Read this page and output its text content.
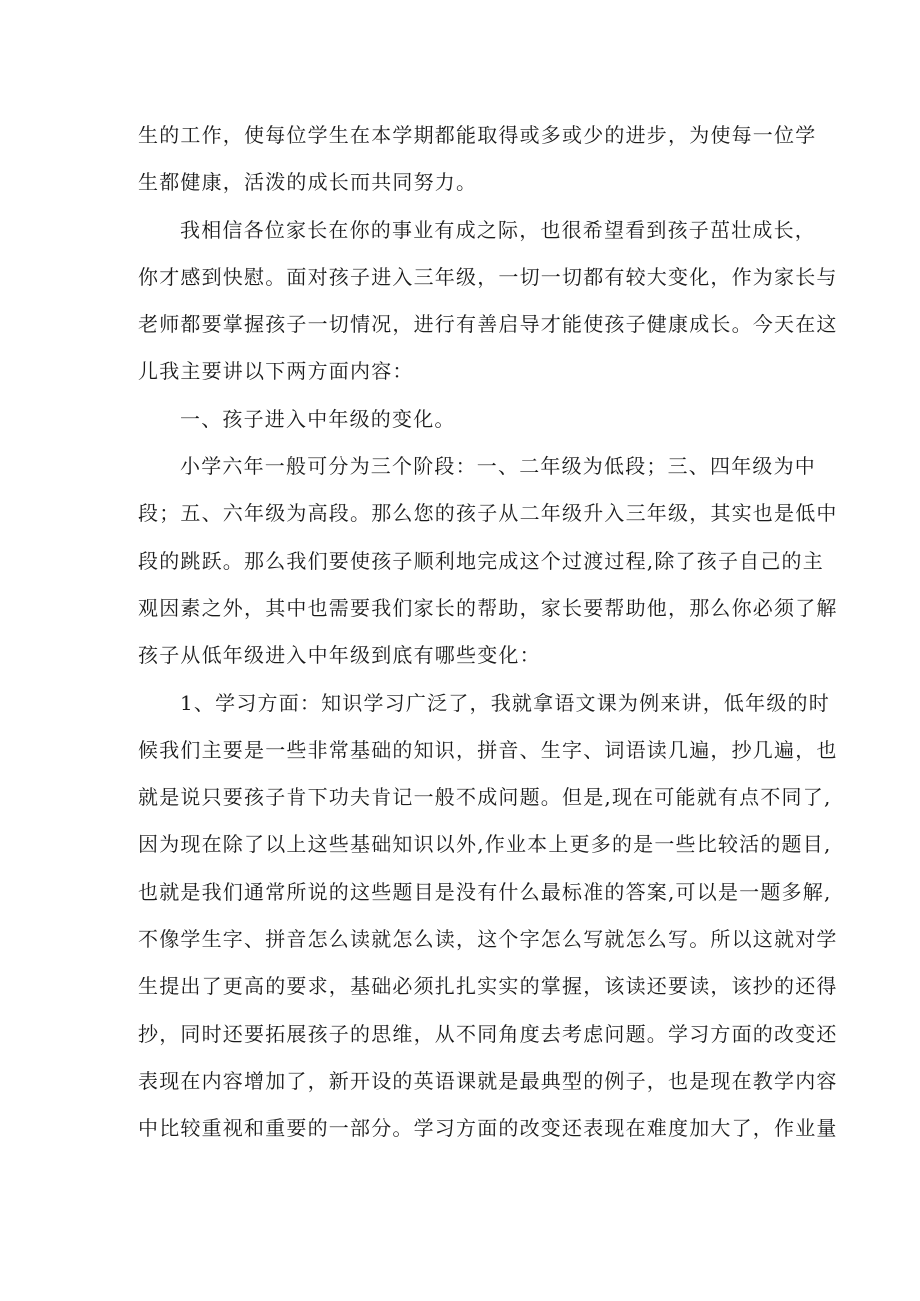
生的工作，使每位学生在本学期都能取得或多或少的进步，为使每一位学
生都健康，活泼的成长而共同努力。
我相信各位家长在你的事业有成之际，也很希望看到孩子茁壮成长，
你才感到快慰。面对孩子进入三年级，一切一切都有较大变化，作为家长与
老师都要掌握孩子一切情况，进行有善启导才能使孩子健康成长。今天在这
儿我主要讲以下两方面内容：
一、孩子进入中年级的变化。
小学六年一般可分为三个阶段：一、二年级为低段；三、四年级为中
段；五、六年级为高段。那么您的孩子从二年级升入三年级，其实也是低中
段的跳跃。那么我们要使孩子顺利地完成这个过渡过程,除了孩子自己的主
观因素之外，其中也需要我们家长的帮助，家长要帮助他，那么你必须了解
孩子从低年级进入中年级到底有哪些变化：
1、学习方面：知识学习广泛了，我就拿语文课为例来讲，低年级的时
候我们主要是一些非常基础的知识，拼音、生字、词语读几遍，抄几遍，也
就是说只要孩子肯下功夫肯记一般不成问题。但是,现在可能就有点不同了,
因为现在除了以上这些基础知识以外,作业本上更多的是一些比较活的题目,
也就是我们通常所说的这些题目是没有什么最标准的答案,可以是一题多解,
不像学生字、拼音怎么读就怎么读，这个字怎么写就怎么写。所以这就对学
生提出了更高的要求，基础必须扎扎实实的掌握，该读还要读，该抄的还得
抄，同时还要拓展孩子的思维，从不同角度去考虑问题。学习方面的改变还
表现在内容增加了，新开设的英语课就是最典型的例子，也是现在教学内容
中比较重视和重要的一部分。学习方面的改变还表现在难度加大了，作业量
